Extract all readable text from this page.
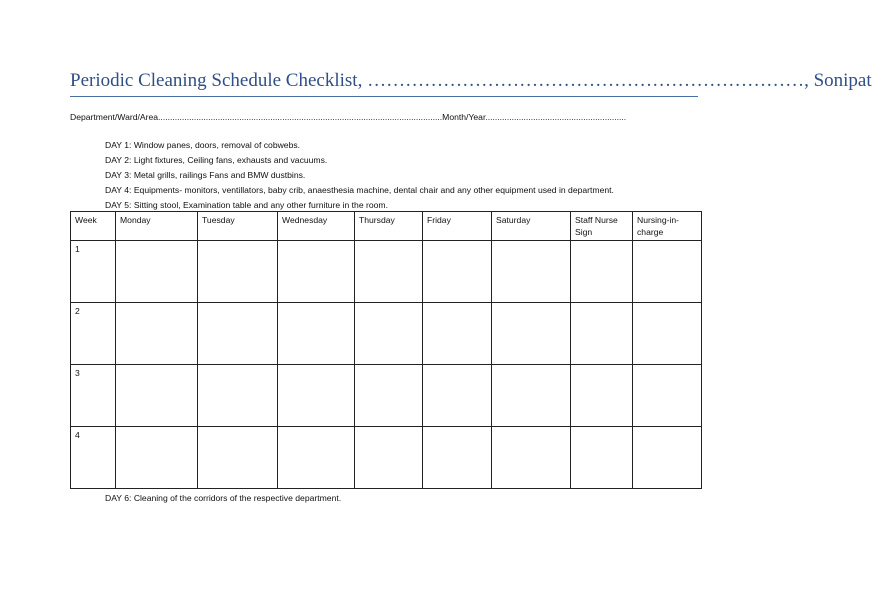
Periodic Cleaning Schedule Checklist, ……………………………………………………………, Sonipat
Department/Ward/Area.......................................................................................................................Month/Year...........................................................
DAY 1: Window panes, doors, removal of cobwebs.
DAY 2: Light fixtures, Ceiling fans, exhausts and vacuums.
DAY 3: Metal grills, railings Fans and BMW dustbins.
DAY 4: Equipments- monitors, ventillators, baby crib, anaesthesia machine, dental chair and any other equipment used in department.
DAY 5: Sitting stool, Examination table and any other furniture in the room.
Week	Monday	Tuesday	Wednesday	Thursday	Friday	Saturday	Staff Nurse Sign	Nursing-in-charge
1								
2								
3								
4								
DAY 6: Cleaning of the corridors of the respective department.
